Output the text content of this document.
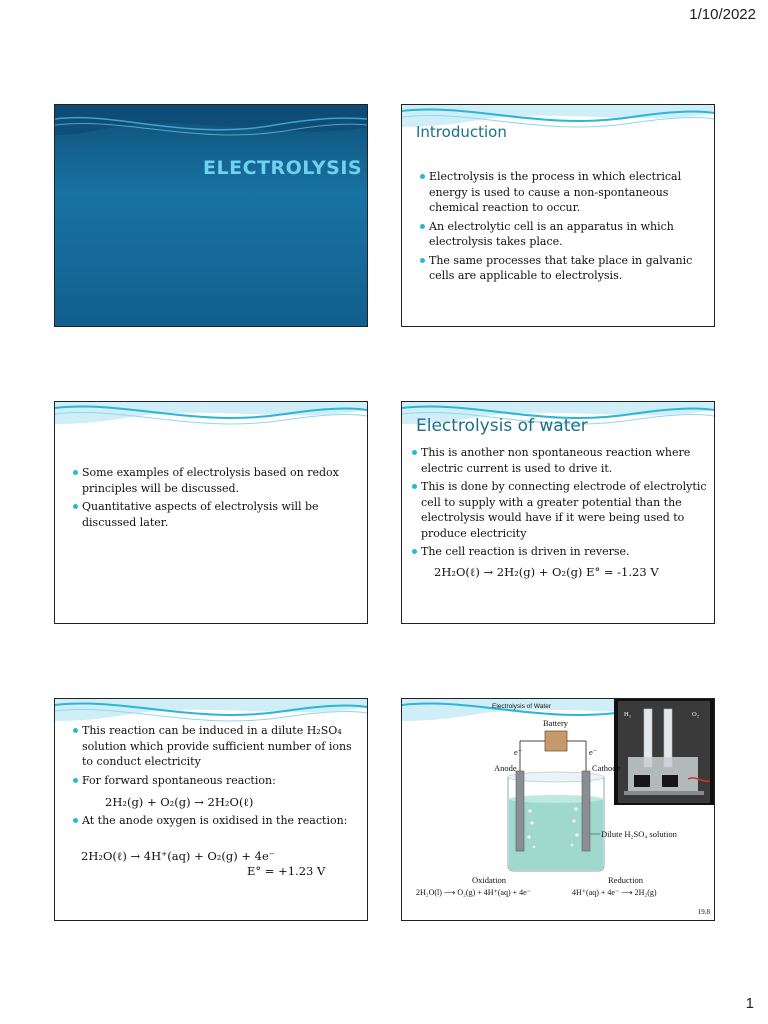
1/10/2022
ELECTROLYSIS
Introduction
Electrolysis is the process in which electrical energy is used to cause a non-spontaneous chemical reaction to occur.
An electrolytic cell is an apparatus in which electrolysis takes place.
The same processes that take place in galvanic cells are applicable to electrolysis.
Some examples of electrolysis based on redox principles will be discussed.
Quantitative aspects of electrolysis will be discussed later.
Electrolysis of water
This is another non spontaneous reaction where electric current is used to drive it.
This is done by connecting electrode of electrolytic cell to supply with a greater potential than the electrolysis would have if it were being used to produce electricity
The cell reaction is driven in reverse.
2H₂O(ℓ) → 2H₂(g) + O₂(g) E° = -1.23 V
This reaction can be induced in a dilute H₂SO₄ solution which provide sufficient number of ions to conduct electricity
For forward spontaneous reaction:
2H₂(g) + O₂(g) → 2H₂O(ℓ)
At the anode oxygen is oxidised in the reaction:
2H₂O(ℓ) → 4H⁺(aq) + O₂(g) + 4e⁻
E° = +1.23 V
Electrolysis of Water
H₂	O₂
Battery
e⁻	e⁻
Anode	Cathode
Dilute H₂SO₄ solution
Oxidation	Reduction
2H₂O(l) ⟶ O₂(g) + 4H⁺(aq) + 4e⁻	4H⁺(aq) + 4e⁻ ⟶ 2H₂(g)
19.8
1
